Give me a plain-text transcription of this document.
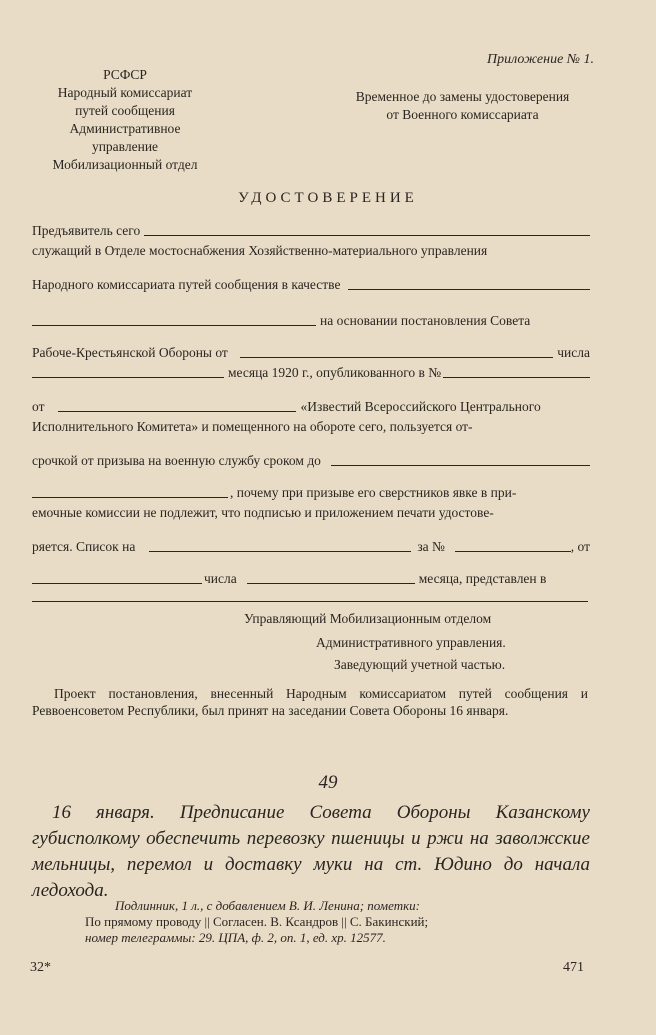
Приложение № 1.
РСФСР
Народный комиссариат
путей сообщения
Административное
управление
Мобилизационный отдел
Временное до замены удостоверения
от Военного комиссариата
УДОСТОВЕРЕНИЕ
Предъявитель сего
служащий в Отделе мостоснабжения Хозяйственно-материального управления
Народного комиссариата путей сообщения в качестве
на основании постановления Совета
Рабоче-Крестьянской Обороны от	числа
месяца 1920 г., опубликованного в №
от	«Известий Всероссийского Центрального
Исполнительного Комитета» и помещенного на обороте сего, пользуется от-
срочкой от призыва на военную службу сроком до
, почему при призыве его сверстников явке в при-
емочные комиссии не подлежит, что подписью и приложением печати удостове-
ряется. Список на	за №	, от
числа	месяца, представлен в
Управляющий Мобилизационным отделом
Административного управления.
Заведующий учетной частью.
Проект постановления, внесенный Народным комиссариатом путей сообщения и Реввоенсоветом Республики, был принят на заседании Совета Обороны 16 января.
49
16 января. Предписание Совета Обороны Казанскому губисполкому обеспечить перевозку пшеницы и ржи на заволжские мельницы, перемол и доставку муки на ст. Юдино до начала ледохода.
Подлинник, 1 л., с добавлением В. И. Ленина; пометки:
По прямому проводу || Согласен. В. Ксандров || С. Бакинский;
номер телеграммы: 29. ЦПА, ф. 2, оп. 1, ед. хр. 12577.
32*	471
